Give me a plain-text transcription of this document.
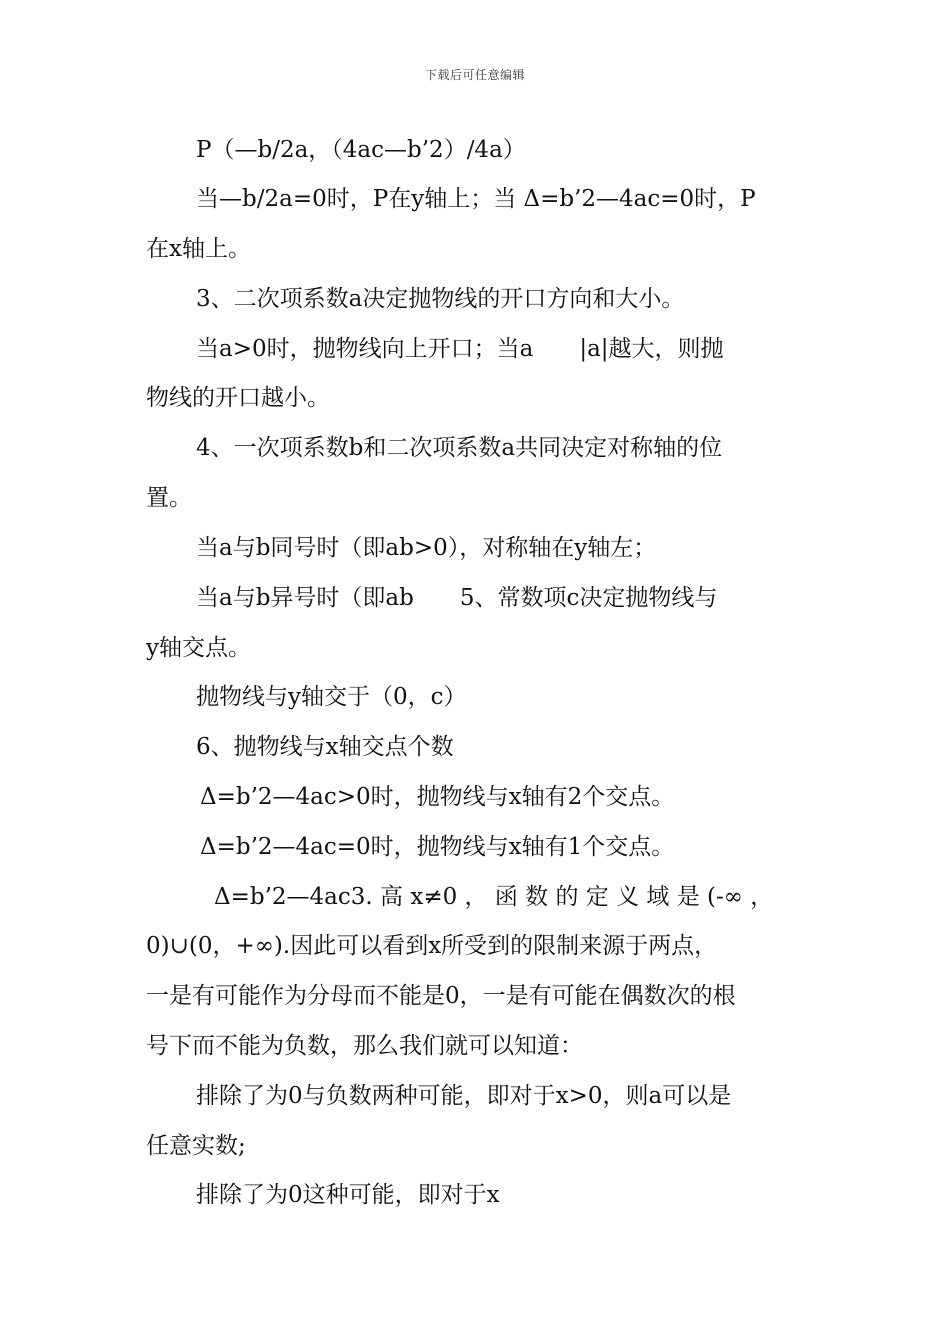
下载后可任意编辑
P（—b/2a，（4ac—b’2）/4a）
当—b/2a=0时，P在y轴上；当 Δ=b’2—4ac=0时，P
在x轴上。
3、二次项系数a决定抛物线的开口方向和大小。
当a>0时，抛物线向上开口；当a　　|a|越大，则抛
物线的开口越小。
4、一次项系数b和二次项系数a共同决定对称轴的位
置。
当a与b同号时（即ab>0），对称轴在y轴左；
当a与b异号时（即ab　　5、常数项c决定抛物线与
y轴交点。
抛物线与y轴交于（0，c）
6、抛物线与x轴交点个数
Δ=b’2—4ac>0时，抛物线与x轴有2个交点。
Δ=b’2—4ac=0时，抛物线与x轴有1个交点。
Δ=b’2—4ac3. 高 x≠0 ， 函 数 的 定 义 域 是 (-∞ ，
0)∪(0，+∞).因此可以看到x所受到的限制来源于两点，
一是有可能作为分母而不能是0，一是有可能在偶数次的根
号下而不能为负数，那么我们就可以知道：
排除了为0与负数两种可能，即对于x>0，则a可以是
任意实数;
排除了为0这种可能，即对于x
